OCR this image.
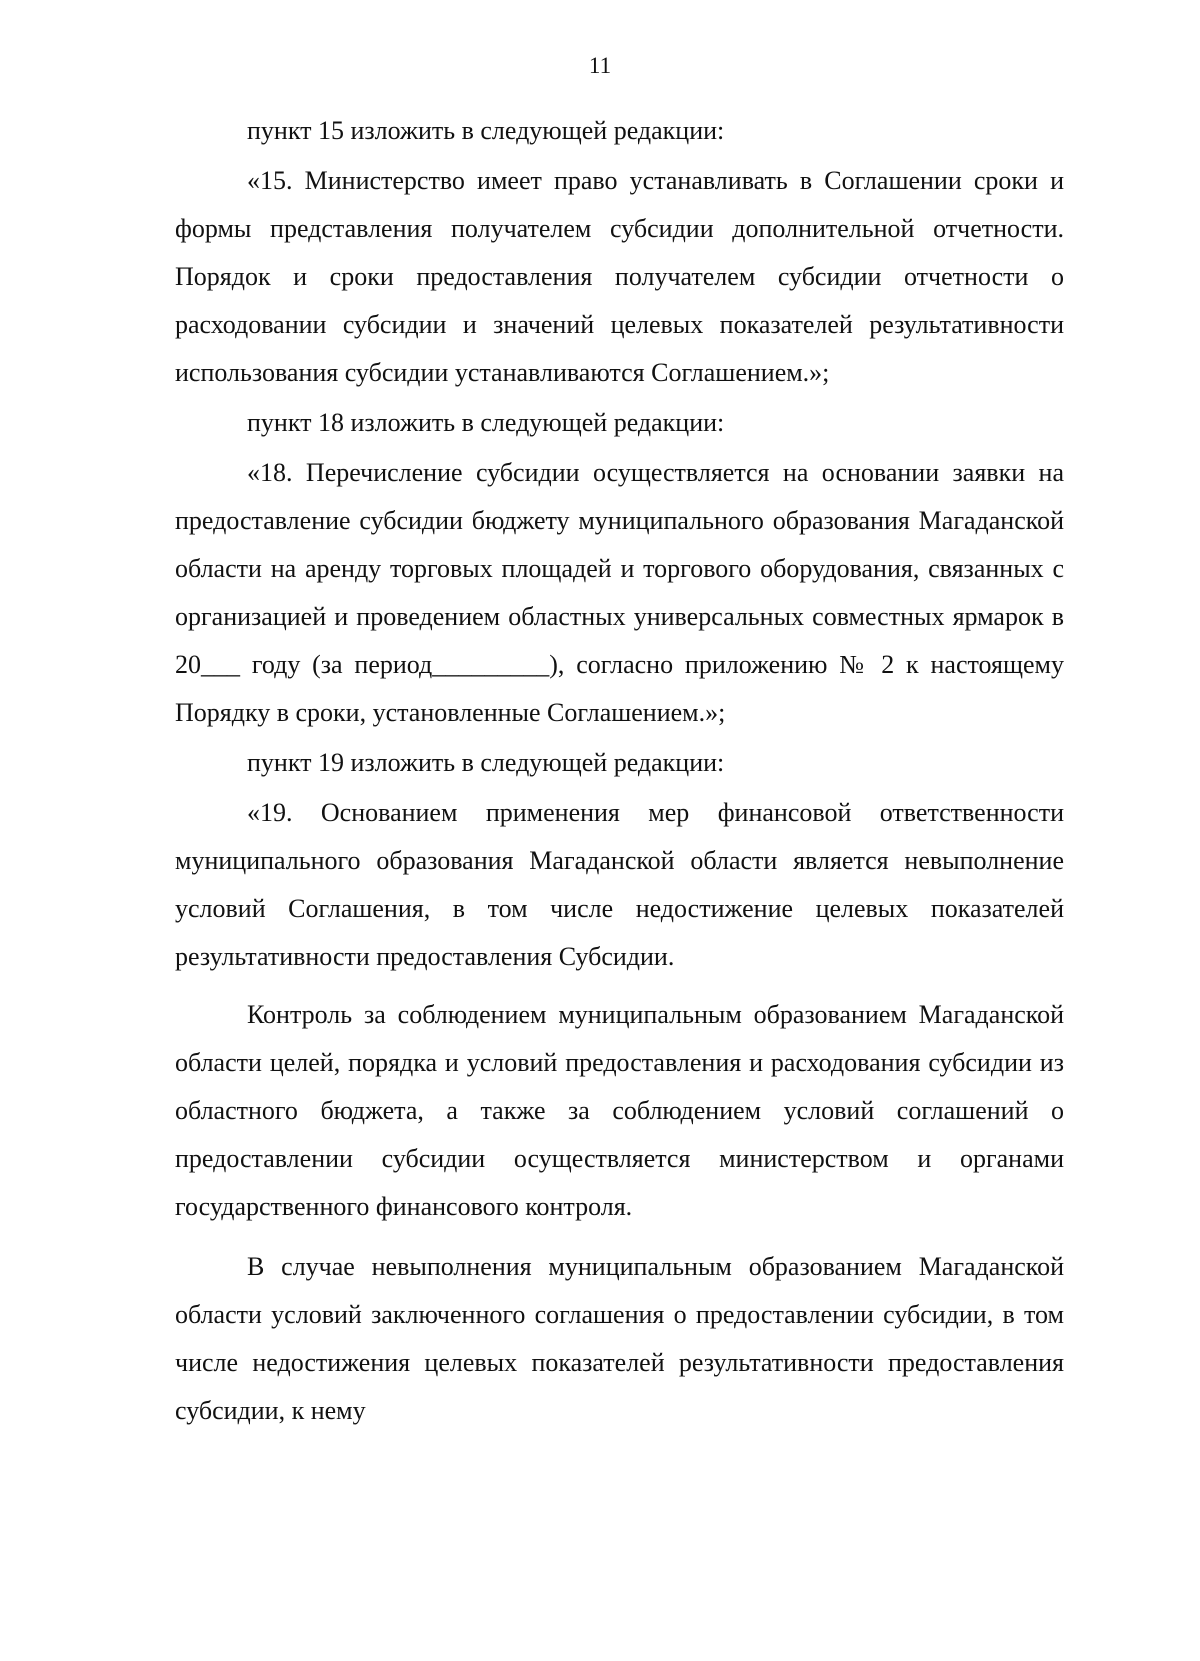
11

пункт 15 изложить в следующей редакции:

«15. Министерство имеет право устанавливать в Соглашении сроки и формы представления получателем субсидии дополнительной отчетности. Порядок и сроки предоставления получателем субсидии отчетности о расходовании субсидии и значений целевых показателей результативности использования субсидии устанавливаются Соглашением.»;

пункт 18 изложить в следующей редакции:

«18. Перечисление субсидии осуществляется на основании заявки на предоставление субсидии бюджету муниципального образования Магаданской области на аренду торговых площадей и торгового оборудования, связанных с организацией и проведением областных универсальных совместных ярмарок в 20___ году (за период_________), согласно приложению № 2 к настоящему Порядку в сроки, установленные Соглашением.»;

пункт 19 изложить в следующей редакции:

«19. Основанием применения мер финансовой ответственности муниципального образования Магаданской области является невыполнение условий Соглашения, в том числе недостижение целевых показателей результативности предоставления Субсидии.

Контроль за соблюдением муниципальным образованием Магаданской области целей, порядка и условий предоставления и расходования субсидии из областного бюджета, а также за соблюдением условий соглашений о предоставлении субсидии осуществляется министерством и органами государственного финансового контроля.

В случае невыполнения муниципальным образованием Магаданской области условий заключенного соглашения о предоставлении субсидии, в том числе недостижения целевых показателей результативности предоставления субсидии, к нему
